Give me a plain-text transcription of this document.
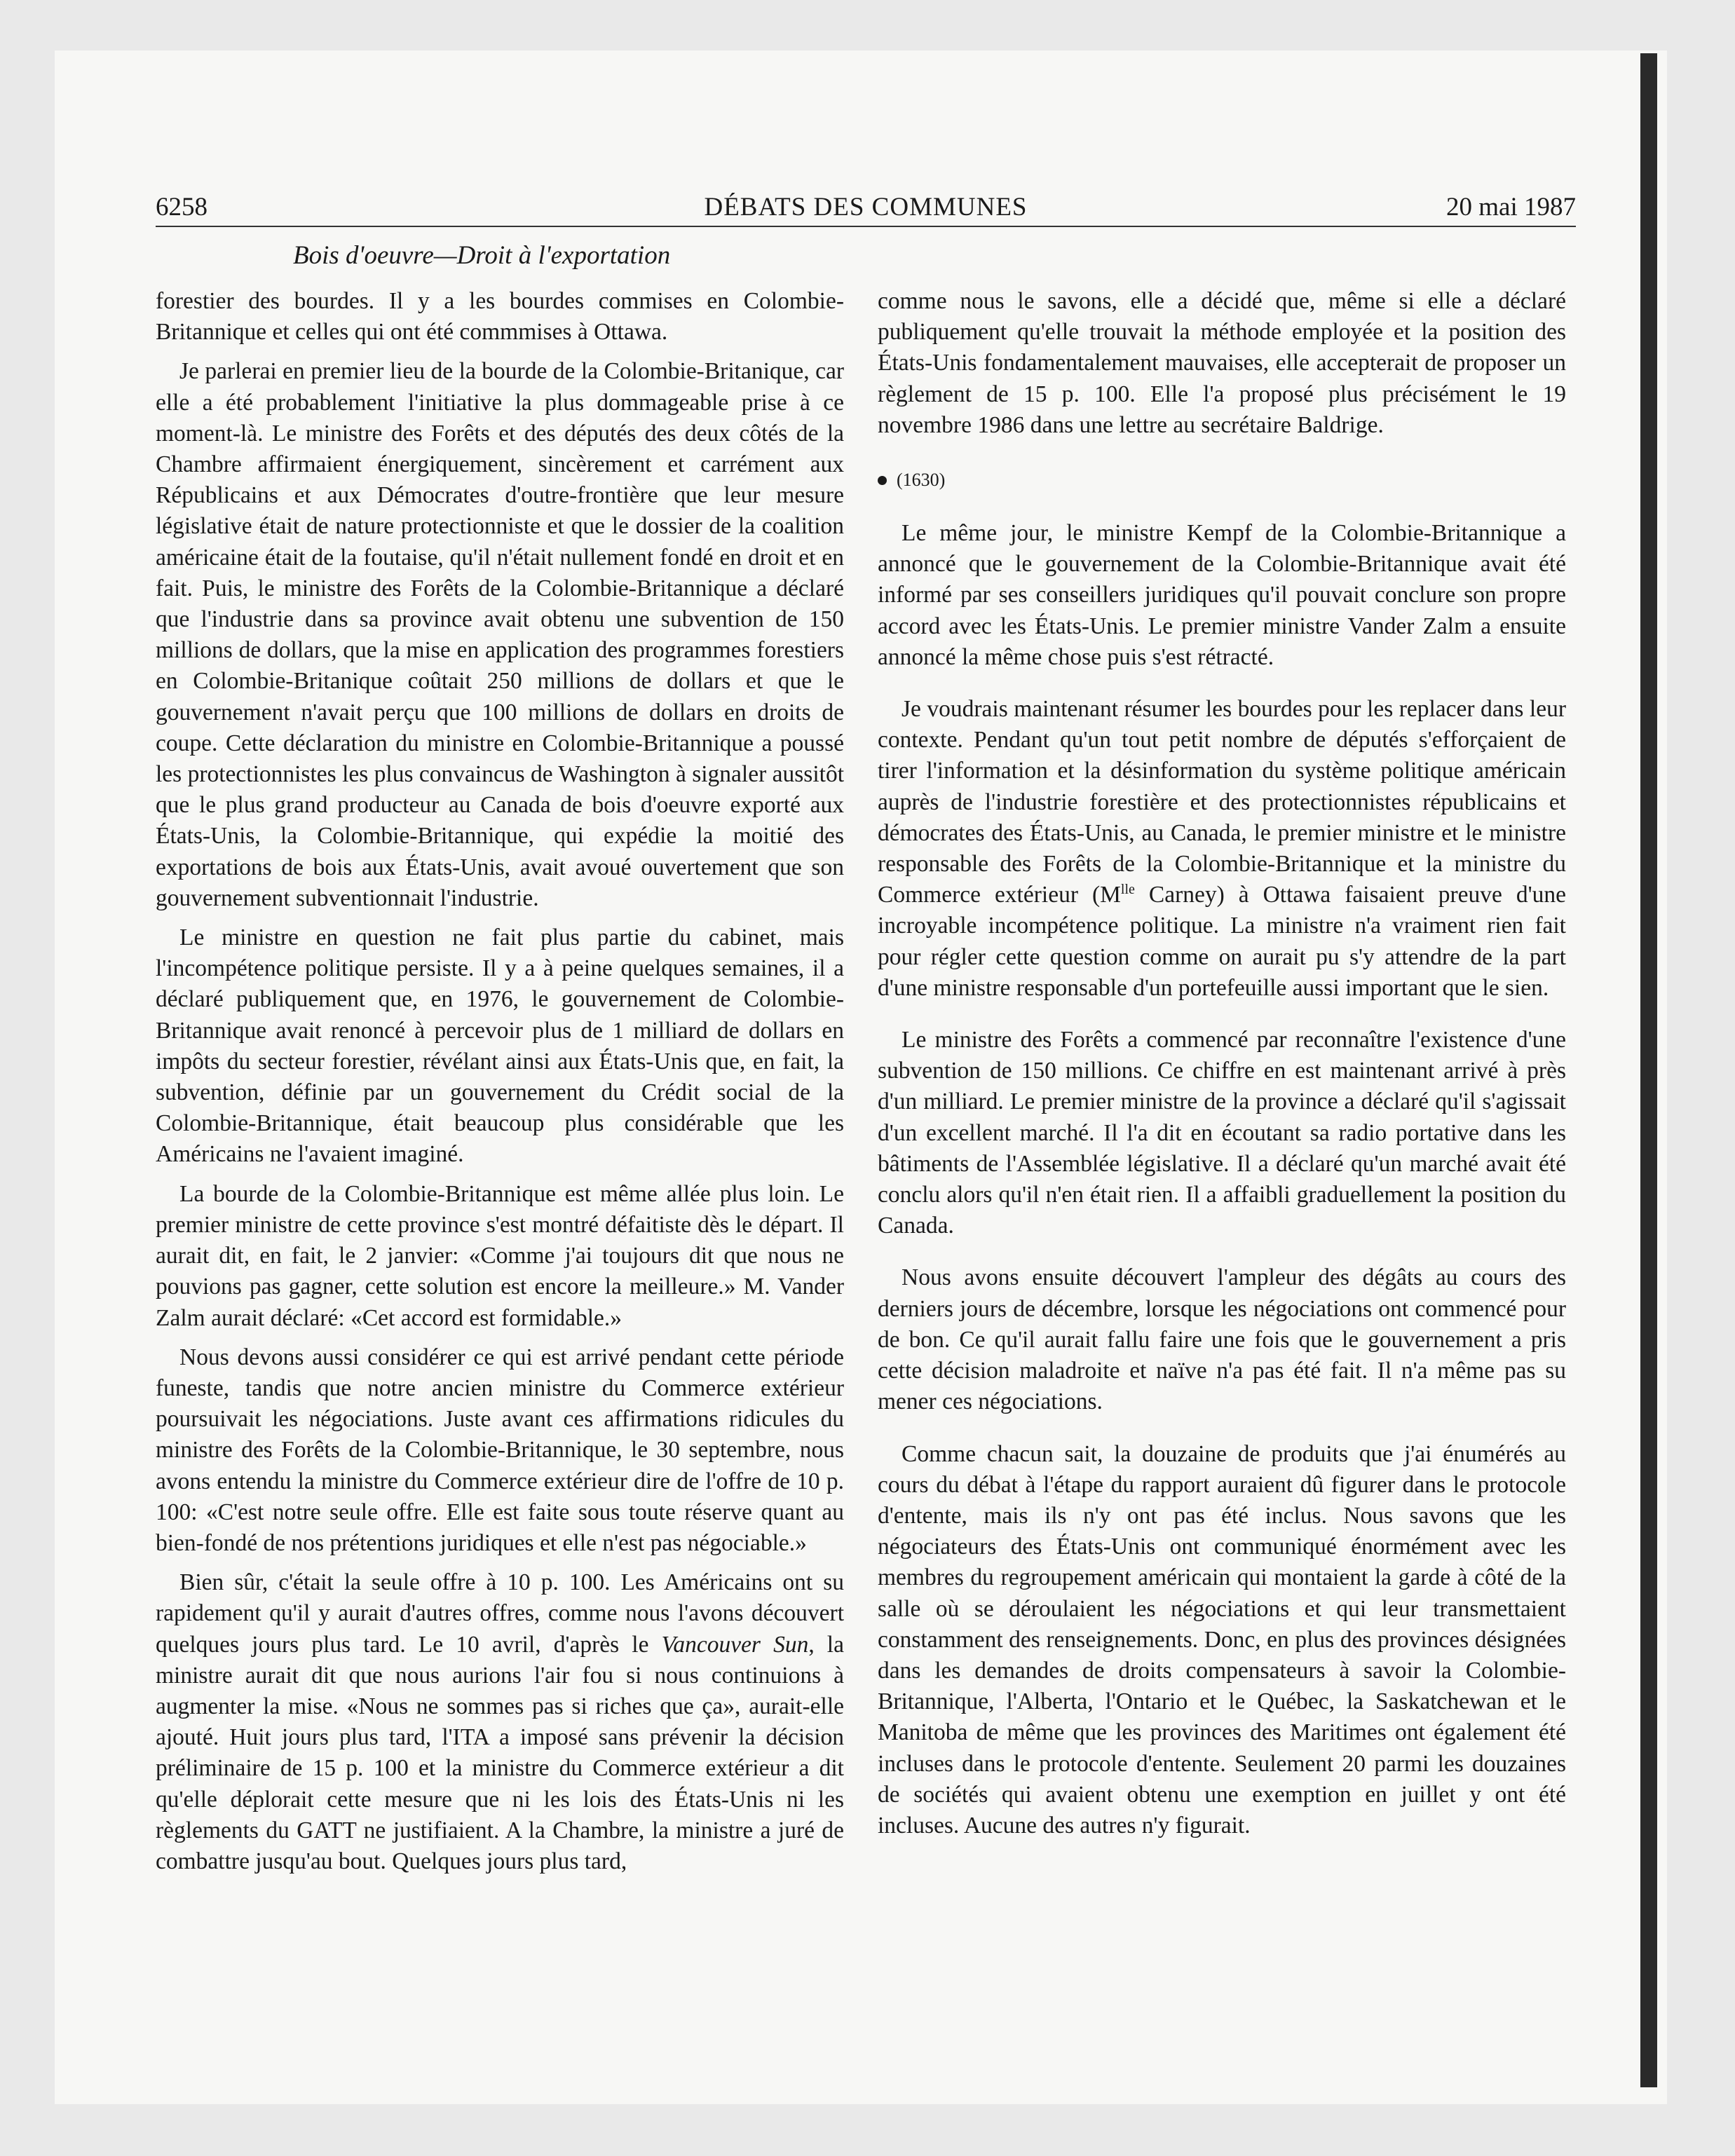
6258	DÉBATS DES COMMUNES	20 mai 1987
Bois d'oeuvre—Droit à l'exportation

forestier des bourdes. Il y a les bourdes commises en Colombie-Britannique et celles qui ont été commmises à Ottawa.

Je parlerai en premier lieu de la bourde de la Colombie-Britanique, car elle a été probablement l'initiative la plus dommageable prise à ce moment-là. Le ministre des Forêts et des députés des deux côtés de la Chambre affirmaient énergiquement, sincèrement et carrément aux Républicains et aux Démocrates d'outre-frontière que leur mesure législative était de nature protectionniste et que le dossier de la coalition américaine était de la foutaise, qu'il n'était nullement fondé en droit et en fait. Puis, le ministre des Forêts de la Colombie-Britannique a déclaré que l'industrie dans sa province avait obtenu une subvention de 150 millions de dollars, que la mise en application des programmes forestiers en Colombie-Britanique coûtait 250 millions de dollars et que le gouvernement n'avait perçu que 100 millions de dollars en droits de coupe. Cette déclaration du ministre en Colombie-Britannique a poussé les protectionnistes les plus convaincus de Washington à signaler aussitôt que le plus grand producteur au Canada de bois d'oeuvre exporté aux États-Unis, la Colombie-Britannique, qui expédie la moitié des exportations de bois aux États-Unis, avait avoué ouvertement que son gouvernement subventionnait l'industrie.

Le ministre en question ne fait plus partie du cabinet, mais l'incompétence politique persiste. Il y a à peine quelques semaines, il a déclaré publiquement que, en 1976, le gouvernement de Colombie-Britannique avait renoncé à percevoir plus de 1 milliard de dollars en impôts du secteur forestier, révélant ainsi aux États-Unis que, en fait, la subvention, définie par un gouvernement du Crédit social de la Colombie-Britannique, était beaucoup plus considérable que les Américains ne l'avaient imaginé.

La bourde de la Colombie-Britannique est même allée plus loin. Le premier ministre de cette province s'est montré défaitiste dès le départ. Il aurait dit, en fait, le 2 janvier: «Comme j'ai toujours dit que nous ne pouvions pas gagner, cette solution est encore la meilleure.» M. Vander Zalm aurait déclaré: «Cet accord est formidable.»

Nous devons aussi considérer ce qui est arrivé pendant cette période funeste, tandis que notre ancien ministre du Commerce extérieur poursuivait les négociations. Juste avant ces affirmations ridicules du ministre des Forêts de la Colombie-Britannique, le 30 septembre, nous avons entendu la ministre du Commerce extérieur dire de l'offre de 10 p. 100: «C'est notre seule offre. Elle est faite sous toute réserve quant au bien-fondé de nos prétentions juridiques et elle n'est pas négociable.»

Bien sûr, c'était la seule offre à 10 p. 100. Les Américains ont su rapidement qu'il y aurait d'autres offres, comme nous l'avons découvert quelques jours plus tard. Le 10 avril, d'après le Vancouver Sun, la ministre aurait dit que nous aurions l'air fou si nous continuions à augmenter la mise. «Nous ne sommes pas si riches que ça», aurait-elle ajouté. Huit jours plus tard, l'ITA a imposé sans prévenir la décision préliminaire de 15 p. 100 et la ministre du Commerce extérieur a dit qu'elle déplorait cette mesure que ni les lois des États-Unis ni les règlements du GATT ne justifiaient. A la Chambre, la ministre a juré de combattre jusqu'au bout. Quelques jours plus tard,

comme nous le savons, elle a décidé que, même si elle a déclaré publiquement qu'elle trouvait la méthode employée et la position des États-Unis fondamentalement mauvaises, elle accepterait de proposer un règlement de 15 p. 100. Elle l'a proposé plus précisément le 19 novembre 1986 dans une lettre au secrétaire Baldrige.

(1630)

Le même jour, le ministre Kempf de la Colombie-Britannique a annoncé que le gouvernement de la Colombie-Britannique avait été informé par ses conseillers juridiques qu'il pouvait conclure son propre accord avec les États-Unis. Le premier ministre Vander Zalm a ensuite annoncé la même chose puis s'est rétracté.

Je voudrais maintenant résumer les bourdes pour les replacer dans leur contexte. Pendant qu'un tout petit nombre de députés s'efforçaient de tirer l'information et la désinformation du système politique américain auprès de l'industrie forestière et des protectionnistes républicains et démocrates des États-Unis, au Canada, le premier ministre et le ministre responsable des Forêts de la Colombie-Britannique et la ministre du Commerce extérieur ($M^{lle}$ Carney) à Ottawa faisaient preuve d'une incroyable incompétence politique. La ministre n'a vraiment rien fait pour régler cette question comme on aurait pu s'y attendre de la part d'une ministre responsable d'un portefeuille aussi important que le sien.

Le ministre des Forêts a commencé par reconnaître l'existence d'une subvention de 150 millions. Ce chiffre en est maintenant arrivé à près d'un milliard. Le premier ministre de la province a déclaré qu'il s'agissait d'un excellent marché. Il l'a dit en écoutant sa radio portative dans les bâtiments de l'Assemblée législative. Il a déclaré qu'un marché avait été conclu alors qu'il n'en était rien. Il a affaibli graduellement la position du Canada.

Nous avons ensuite découvert l'ampleur des dégâts au cours des derniers jours de décembre, lorsque les négociations ont commencé pour de bon. Ce qu'il aurait fallu faire une fois que le gouvernement a pris cette décision maladroite et naïve n'a pas été fait. Il n'a même pas su mener ces négociations.

Comme chacun sait, la douzaine de produits que j'ai énumérés au cours du débat à l'étape du rapport auraient dû figurer dans le protocole d'entente, mais ils n'y ont pas été inclus. Nous savons que les négociateurs des États-Unis ont communiqué énormément avec les membres du regroupement américain qui montaient la garde à côté de la salle où se déroulaient les négociations et qui leur transmettaient constamment des renseignements. Donc, en plus des provinces désignées dans les demandes de droits compensateurs à savoir la Colombie-Britannique, l'Alberta, l'Ontario et le Québec, la Saskatchewan et le Manitoba de même que les provinces des Maritimes ont également été incluses dans le protocole d'entente. Seulement 20 parmi les douzaines de sociétés qui avaient obtenu une exemption en juillet y ont été incluses. Aucune des autres n'y figurait.
